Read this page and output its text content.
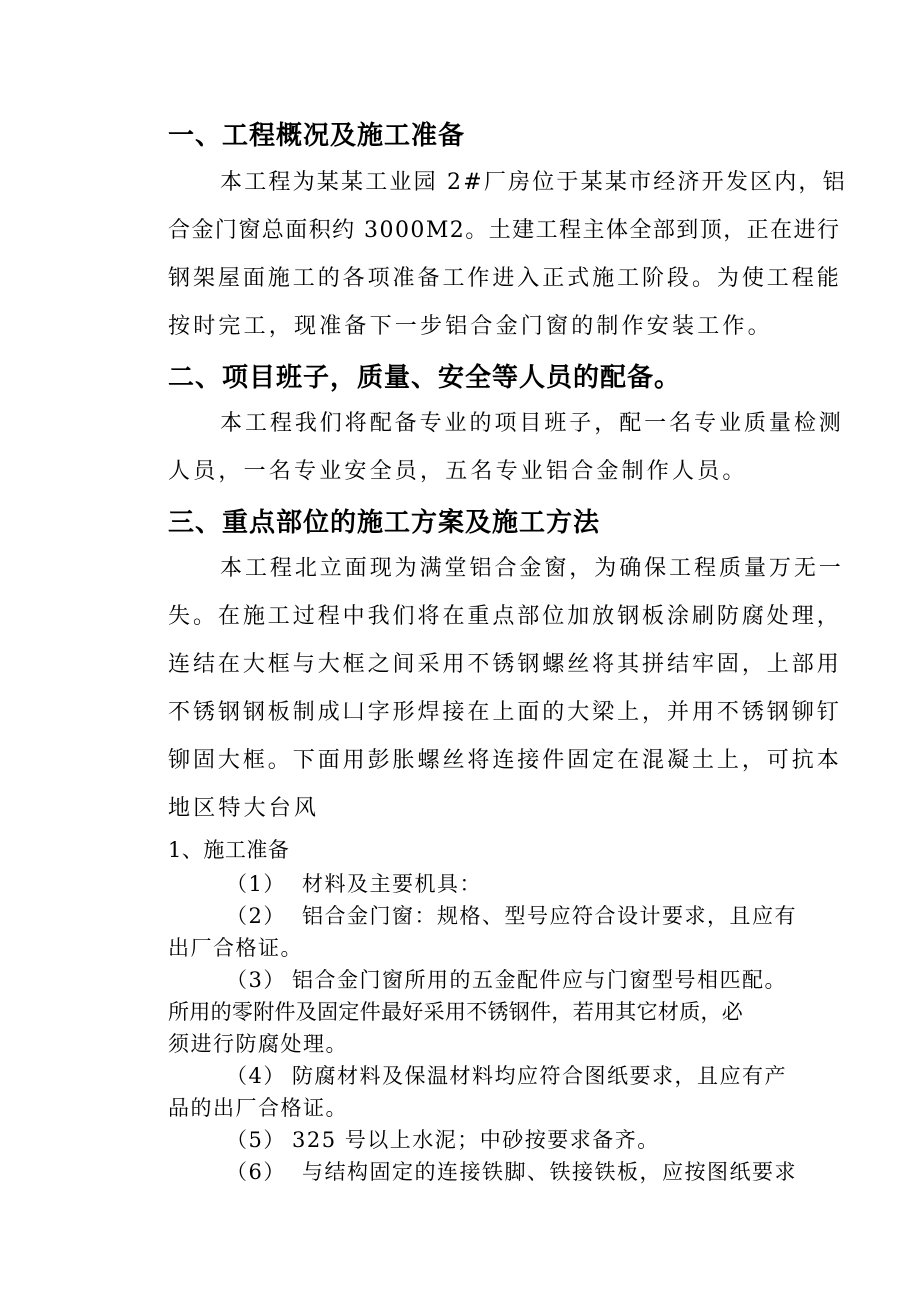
一、工程概况及施工准备
本工程为某某工业园 2#厂房位于某某市经济开发区内，铝
合金门窗总面积约 3000M2。土建工程主体全部到顶，正在进行
钢架屋面施工的各项准备工作进入正式施工阶段。为使工程能
按时完工，现准备下一步铝合金门窗的制作安装工作。
二、项目班子，质量、安全等人员的配备。
本工程我们将配备专业的项目班子，配一名专业质量检测
人员，一名专业安全员，五名专业铝合金制作人员。
三、重点部位的施工方案及施工方法
本工程北立面现为满堂铝合金窗，为确保工程质量万无一
失。在施工过程中我们将在重点部位加放钢板涂刷防腐处理，
连结在大框与大框之间采用不锈钢螺丝将其拼结牢固，上部用
不锈钢钢板制成凵字形焊接在上面的大梁上，并用不锈钢铆钉
铆固大框。下面用彭胀螺丝将连接件固定在混凝土上，可抗本
地区特大台风
1、施工准备
（1） 材料及主要机具：
（2） 铝合金门窗：规格、型号应符合设计要求，且应有
出厂合格证。
（3） 铝合金门窗所用的五金配件应与门窗型号相匹配。
所用的零附件及固定件最好采用不锈钢件，若用其它材质，必
须进行防腐处理。
（4） 防腐材料及保温材料均应符合图纸要求，且应有产
品的出厂合格证。
（5） 325 号以上水泥；中砂按要求备齐。
（6） 与结构固定的连接铁脚、铁接铁板，应按图纸要求
